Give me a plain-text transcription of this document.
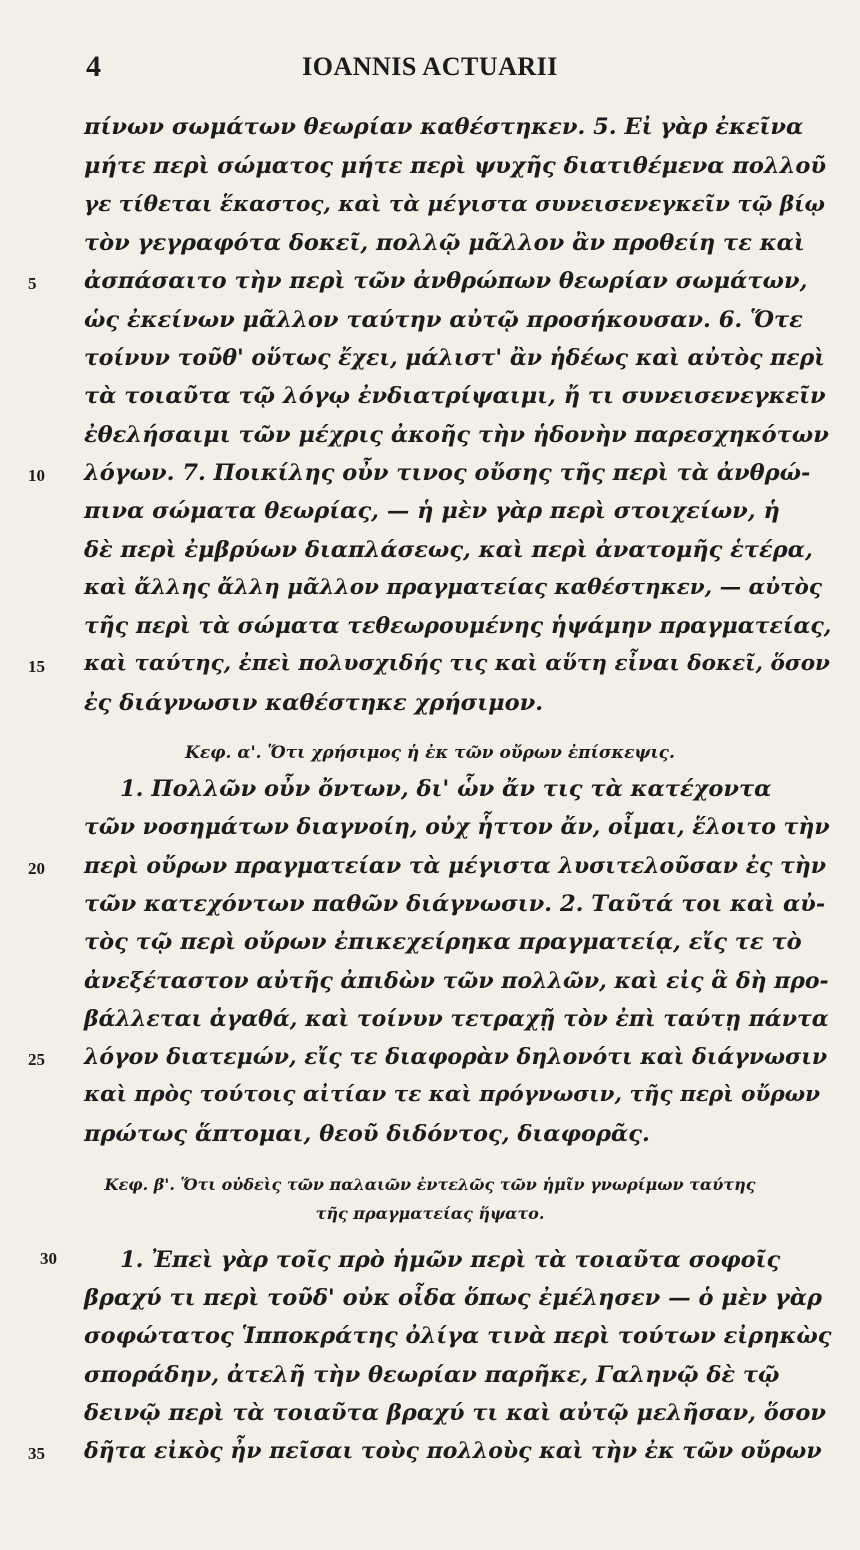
4	IOANNIS ACTUARII
πίνων σωμάτων θεωρίαν καθέστηκεν. 5. Εἰ γὰρ ἐκεῖνα
μήτε περὶ σώματος μήτε περὶ ψυχῆς διατιθέμενα πολλοῦ
γε τίθεται ἕκαστος, καὶ τὰ μέγιστα συνεισενεγκεῖν τῷ βίῳ
τὸν γεγραφότα δοκεῖ, πολλῷ μᾶλλον ἂν προθείη τε καὶ
ἀσπάσαιτο τὴν περὶ τῶν ἀνθρώπων θεωρίαν σωμάτων,
ὡς ἐκείνων μᾶλλον ταύτην αὐτῷ προσήκουσαν. 6. Ὅτε
τοίνυν τοῦθ' οὕτως ἔχει, μάλιστ' ἂν ἡδέως καὶ αὐτὸς περὶ
τὰ τοιαῦτα τῷ λόγῳ ἐνδιατρίψαιμι, ἤ τι συνεισενεγκεῖν
ἐθελήσαιμι τῶν μέχρις ἀκοῆς τὴν ἡδονὴν παρεσχηκότων
λόγων. 7. Ποικίλης οὖν τινος οὔσης τῆς περὶ τὰ ἀνθρώ-
πινα σώματα θεωρίας, — ἡ μὲν γὰρ περὶ στοιχείων, ἡ
δὲ περὶ ἐμβρύων διαπλάσεως, καὶ περὶ ἀνατομῆς ἑτέρα,
καὶ ἄλλης ἄλλη μᾶλλον πραγματείας καθέστηκεν, — αὐτὸς
τῆς περὶ τὰ σώματα τεθεωρουμένης ἡψάμην πραγματείας,
καὶ ταύτης, ἐπεὶ πολυσχιδής τις καὶ αὕτη εἶναι δοκεῖ, ὅσον
ἐς διάγνωσιν καθέστηκε χρήσιμον.
Κεφ. α'. Ὅτι χρήσιμος ἡ ἐκ τῶν οὔρων ἐπίσκεψις.
1. Πολλῶν οὖν ὄντων, δι' ὧν ἄν τις τὰ κατέχοντα
τῶν νοσημάτων διαγνοίη, οὐχ ἧττον ἄν, οἶμαι, ἕλοιτο τὴν
περὶ οὔρων πραγματείαν τὰ μέγιστα λυσιτελοῦσαν ἐς τὴν
τῶν κατεχόντων παθῶν διάγνωσιν. 2. Ταῦτά τοι καὶ αὐ-
τὸς τῷ περὶ οὔρων ἐπικεχείρηκα πραγματείᾳ, εἴς τε τὸ
ἀνεξέταστον αὐτῆς ἀπιδὼν τῶν πολλῶν, καὶ εἰς ἃ δὴ προ-
βάλλεται ἀγαθά, καὶ τοίνυν τετραχῇ τὸν ἐπὶ ταύτῃ πάντα
λόγον διατεμών, εἴς τε διαφορὰν δηλονότι καὶ διάγνωσιν
καὶ πρὸς τούτοις αἰτίαν τε καὶ πρόγνωσιν, τῆς περὶ οὔρων
πρώτως ἅπτομαι, θεοῦ διδόντος, διαφορᾶς.
Κεφ. β'. Ὅτι οὐδεὶς τῶν παλαιῶν ἐντελῶς τῶν ἡμῖν γνωρίμων ταύτης
τῆς πραγματείας ἥψατο.
1. Ἐπεὶ γὰρ τοῖς πρὸ ἡμῶν περὶ τὰ τοιαῦτα σοφοῖς
βραχύ τι περὶ τοῦδ' οὐκ οἶδα ὅπως ἐμέλησεν — ὁ μὲν γὰρ
σοφώτατος Ἱπποκράτης ὀλίγα τινὰ περὶ τούτων εἰρηκὼς
σποράδην, ἀτελῆ τὴν θεωρίαν παρῆκε, Γαληνῷ δὲ τῷ
δεινῷ περὶ τὰ τοιαῦτα βραχύ τι καὶ αὐτῷ μελῆσαν, ὅσον
δῆτα εἰκὸς ἦν πεῖσαι τοὺς πολλοὺς καὶ τὴν ἐκ τῶν οὔρων
5
10
15
20
25
30
35
